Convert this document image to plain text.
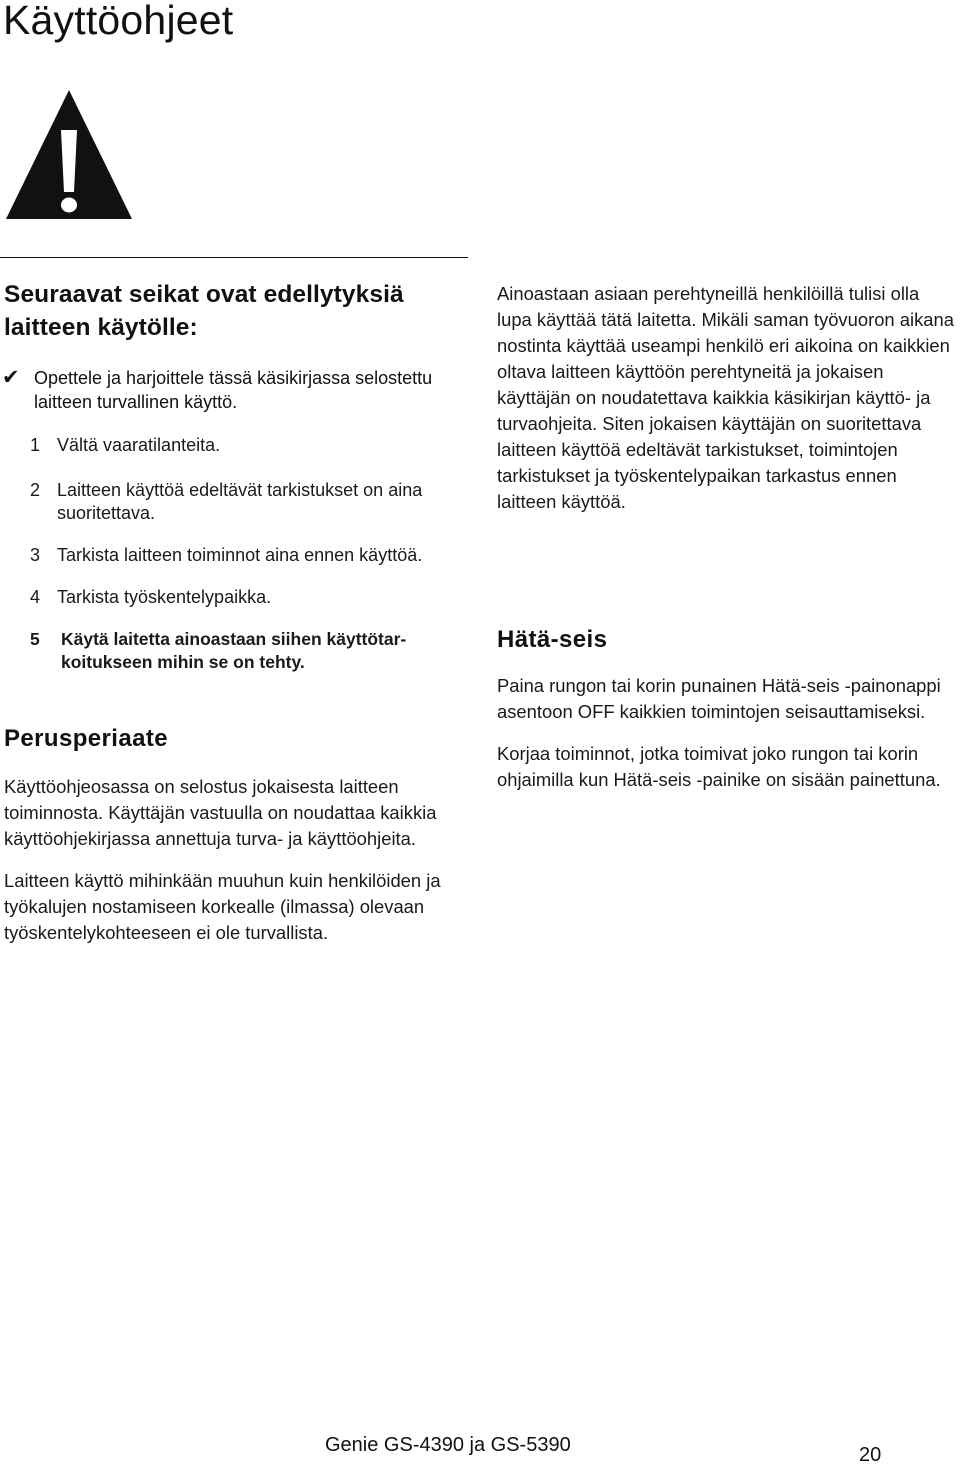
Käyttöohjeet
Seuraavat seikat ovat edellytyksiä laitteen käytölle:
✔ Opettele ja harjoittele tässä käsikirjassa selostettu laitteen turvallinen käyttö.
1 Vältä vaaratilanteita.
2 Laitteen käyttöä edeltävät tarkistukset on aina suoritettava.
3 Tarkista laitteen toiminnot aina ennen käyttöä.
4 Tarkista työskentelypaikka.
5 Käytä laitetta ainoastaan siihen käyttötarkoitukseen mihin se on tehty.
Perusperiaate

Käyttöohjeosassa on selostus jokaisesta laitteen toiminnosta. Käyttäjän vastuulla on noudattaa kaikkia käyttöohjekirjassa annettuja turva- ja käyttöohjeita.

Laitteen käyttö mihinkään muuhun kuin henkilöiden ja työkalujen nostamiseen korkealle (ilmassa) olevaan työskentelykohteeseen ei ole turvallista.

Ainoastaan asiaan perehtyneillä henkilöillä tulisi olla lupa käyttää tätä laitetta. Mikäli saman työvuoron aikana nostinta käyttää useampi henkilö eri aikoina on kaikkien oltava laitteen käyttöön perehtyneitä ja jokaisen käyttäjän on noudatettava kaikkia käsikirjan käyttö- ja turvaohjeita. Siten jokaisen käyttäjän on suoritettava laitteen käyttöä edeltävät tarkistukset, toimintojen tarkistukset ja työskentelypaikan tarkastus ennen laitteen käyttöä.

Hätä-seis

Paina rungon tai korin punainen Hätä-seis -painonappi asentoon OFF kaikkien toimintojen seisauttamiseksi.

Korjaa toiminnot, jotka toimivat joko rungon tai korin ohjaimilla kun Hätä-seis -painike on sisään painettuna.

Genie GS-4390 ja GS-5390	20
